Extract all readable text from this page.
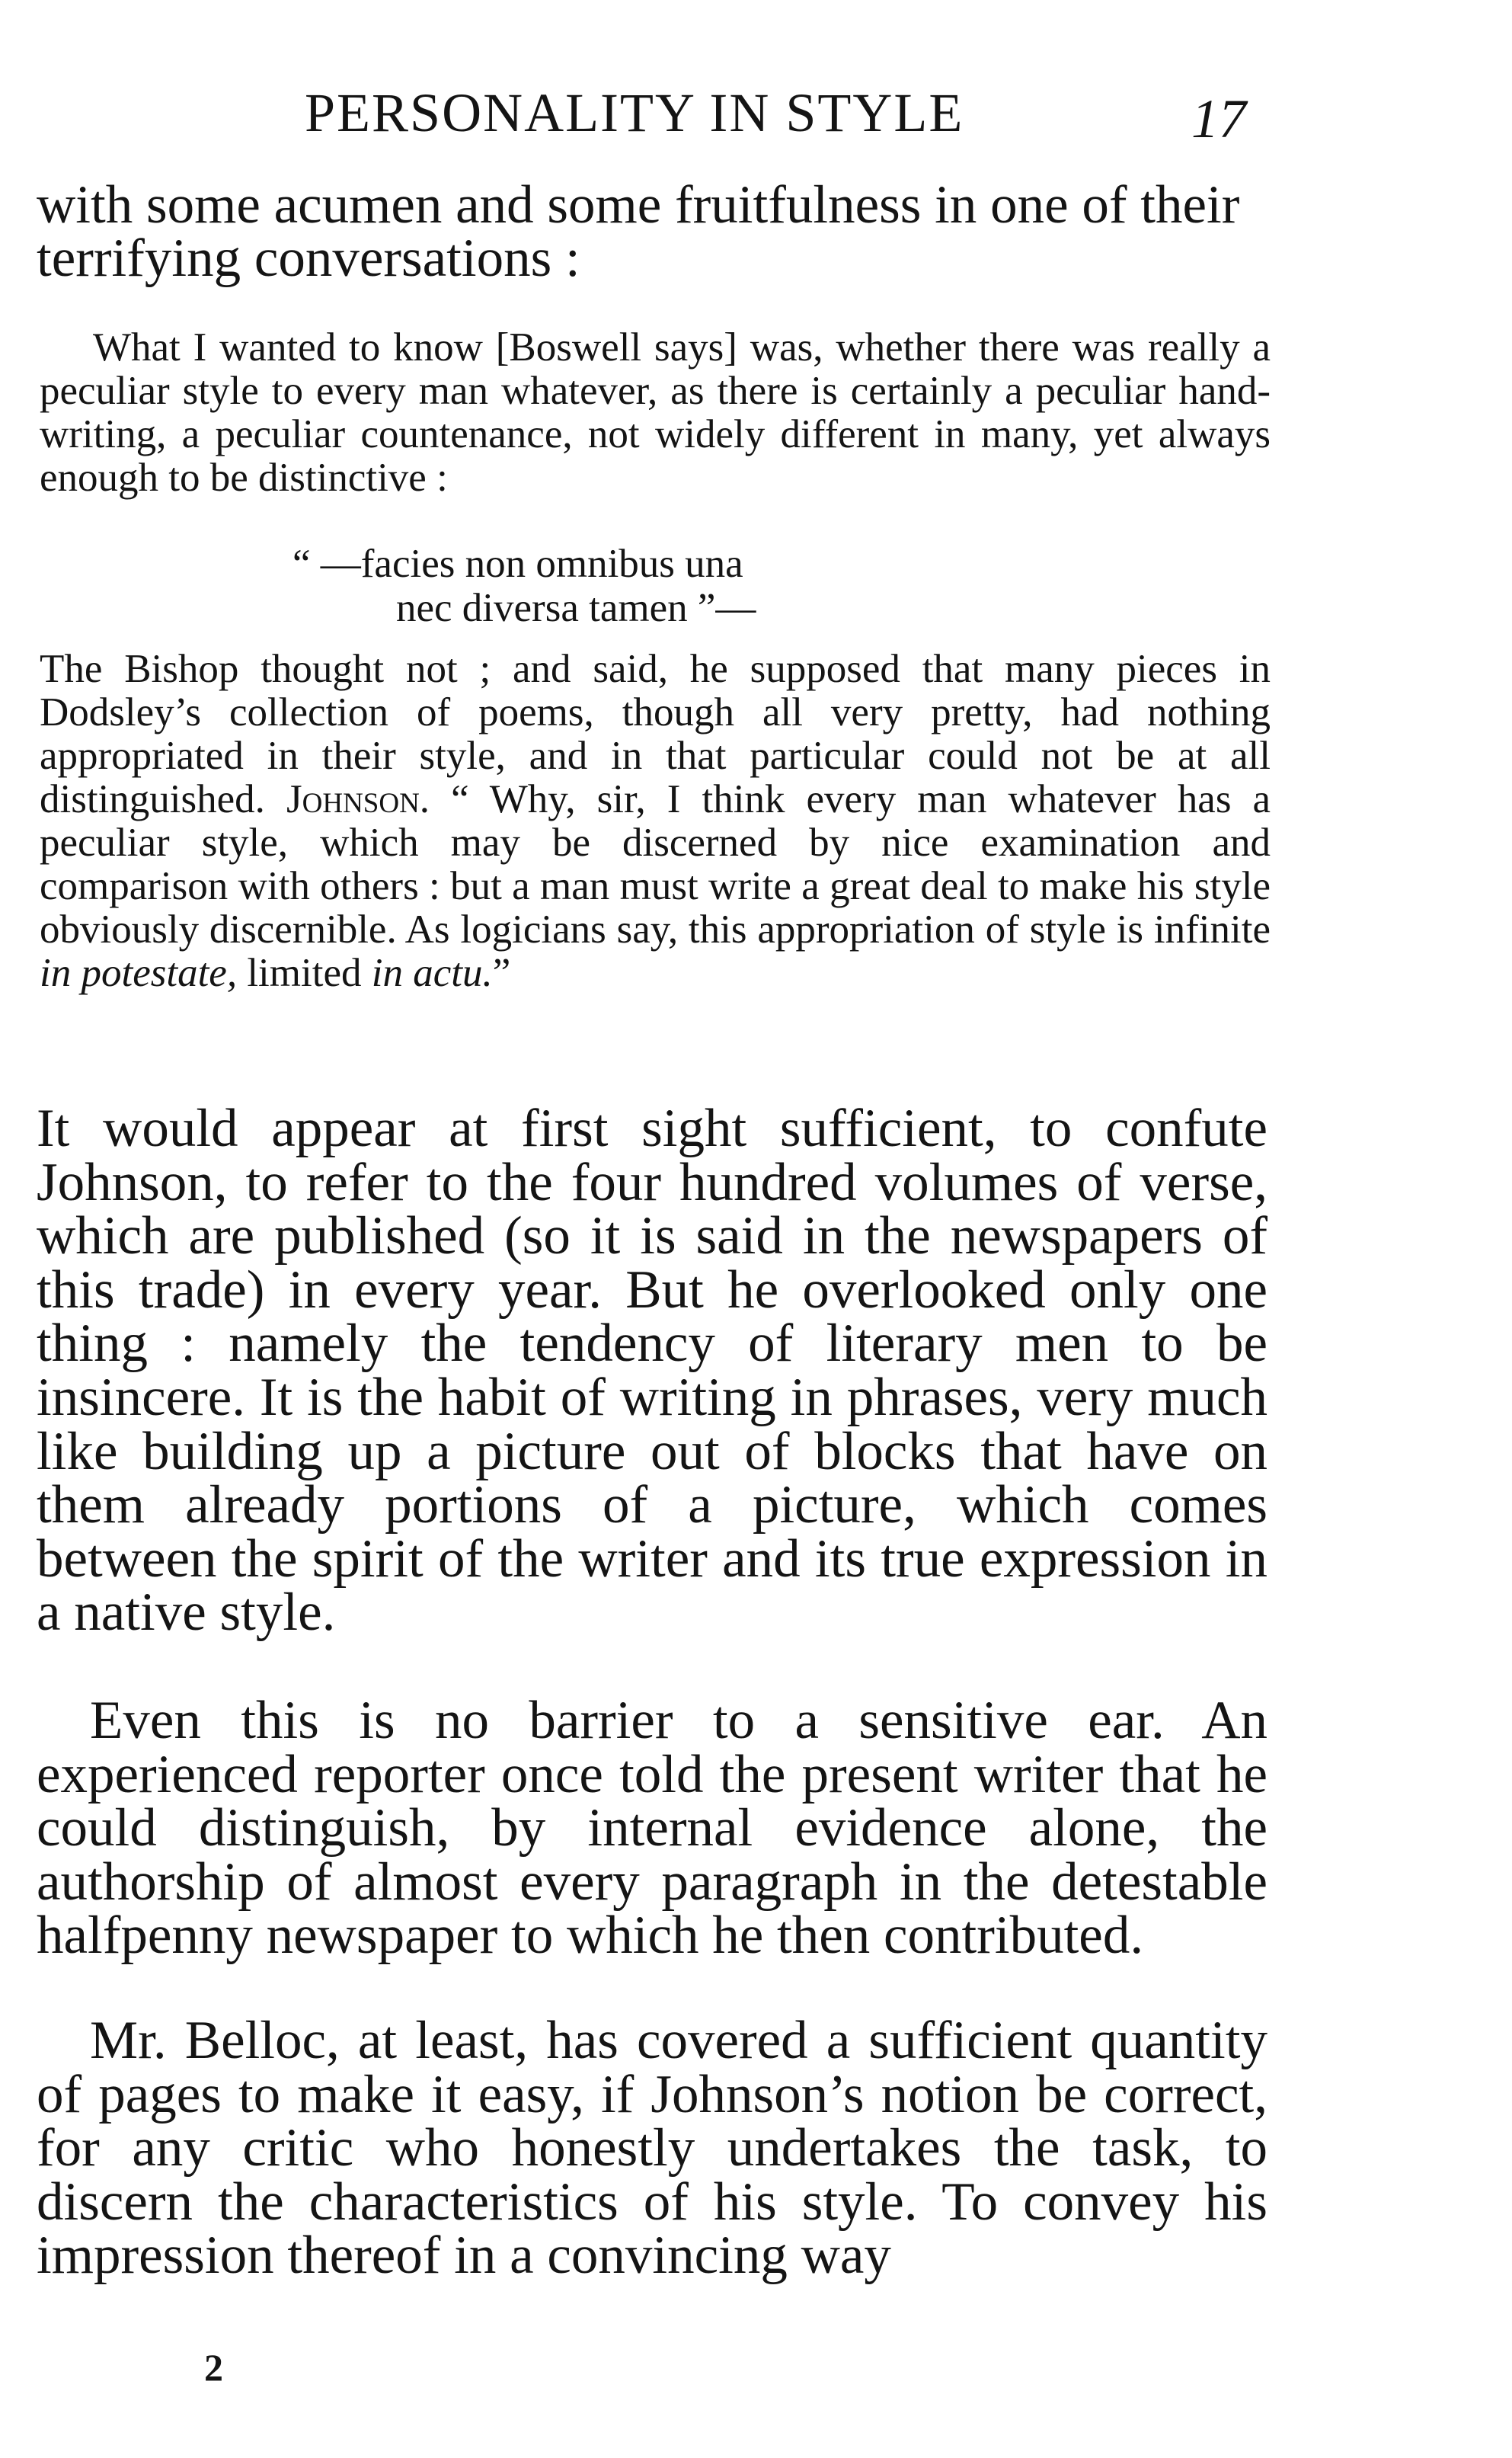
PERSONALITY IN STYLE	17

with some acumen and some fruitfulness in one of their terrifying conversations :

What I wanted to know [Boswell says] was, whether there was really a peculiar style to every man whatever, as there is certainly a peculiar hand-writing, a peculiar countenance, not widely different in many, yet always enough to be distinctive :

“ —facies non omnibus una
nec diversa tamen ”—

The Bishop thought not ; and said, he supposed that many pieces in Dodsley’s collection of poems, though all very pretty, had nothing appropriated in their style, and in that particular could not be at all distinguished. Johnson. “ Why, sir, I think every man whatever has a peculiar style, which may be discerned by nice examination and comparison with others : but a man must write a great deal to make his style obviously discernible. As logicians say, this appropriation of style is infinite in potestate, limited in actu.”

It would appear at first sight sufficient, to confute Johnson, to refer to the four hundred volumes of verse, which are published (so it is said in the newspapers of this trade) in every year. But he overlooked only one thing : namely the tendency of literary men to be insincere. It is the habit of writing in phrases, very much like building up a picture out of blocks that have on them already portions of a picture, which comes between the spirit of the writer and its true expression in a native style.

Even this is no barrier to a sensitive ear. An experienced reporter once told the present writer that he could distinguish, by internal evidence alone, the authorship of almost every paragraph in the detestable halfpenny newspaper to which he then contributed.

Mr. Belloc, at least, has covered a sufficient quantity of pages to make it easy, if Johnson’s notion be correct, for any critic who honestly undertakes the task, to discern the characteristics of his style. To convey his impression thereof in a convincing way

2
